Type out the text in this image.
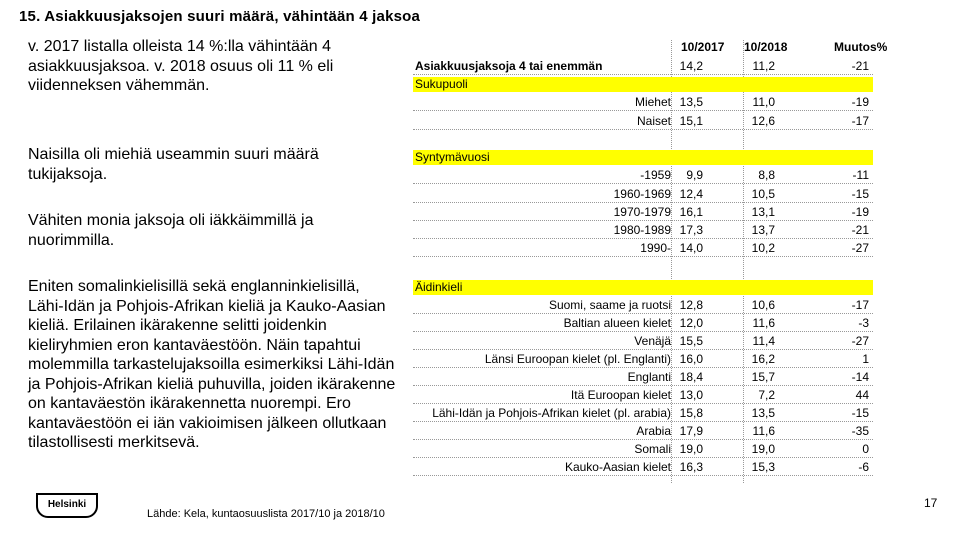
15. Asiakkuusjaksojen suuri määrä, vähintään 4 jaksoa

v. 2017 listalla olleista 14 %:lla vähintään 4 asiakkuusjaksoa. v. 2018 osuus oli 11 % eli viidenneksen vähemmän.

Naisilla oli miehiä useammin suuri määrä tukijaksoja.

Vähiten monia jaksoja oli iäkkäimmillä ja nuorimmilla.

Eniten somalinkielisillä sekä englanninkielisillä, Lähi-Idän ja Pohjois-Afrikan kieliä ja Kauko-Aasian kieliä. Erilainen ikärakenne selitti joidenkin kieliryhmien eron kantaväestöön. Näin tapahtui molemmilla tarkastelujaksoilla esimerkiksi Lähi-Idän ja Pohjois-Afrikan kieliä puhuvilla, joiden ikärakenne on kantaväestön ikärakennetta nuorempi. Ero kantaväestöön ei iän vakioimisen jälkeen ollutkaan tilastollisesti merkitsevä.

Helsinki
Lähde: Kela, kuntaosuuslista 2017/10 ja 2018/10
17
10/2017 10/2018	Muutos%
Asiakkuusjaksoja 4 tai enemmän	14,2	11,2	-21
Sukupuoli
Miehet 13,5	11,0	-19
Naiset 15,1	12,6	-17
Syntymävuosi
-1959	9,9	8,8	-11
1960-1969 12,4	10,5	-15
1970-1979 16,1	13,1	-19
1980-1989 17,3	13,7	-21
1990- 14,0	10,2	-27
Äidinkieli
Suomi, saame ja ruotsi 12,8	10,6	-17
Baltian alueen kielet 12,0	11,6	-3
Venäjä 15,5	11,4	-27
Länsi Euroopan kielet (pl. Englanti) 16,0	16,2	1
Englanti 18,4	15,7	-14
Itä Euroopan kielet 13,0	7,2	44
Lähi-Idän ja Pohjois-Afrikan kielet (pl. arabia) 15,8	13,5	-15
Arabia 17,9	11,6	-35
Somali 19,0	19,0	0
Kauko-Aasian kielet 16,3	15,3	-6
